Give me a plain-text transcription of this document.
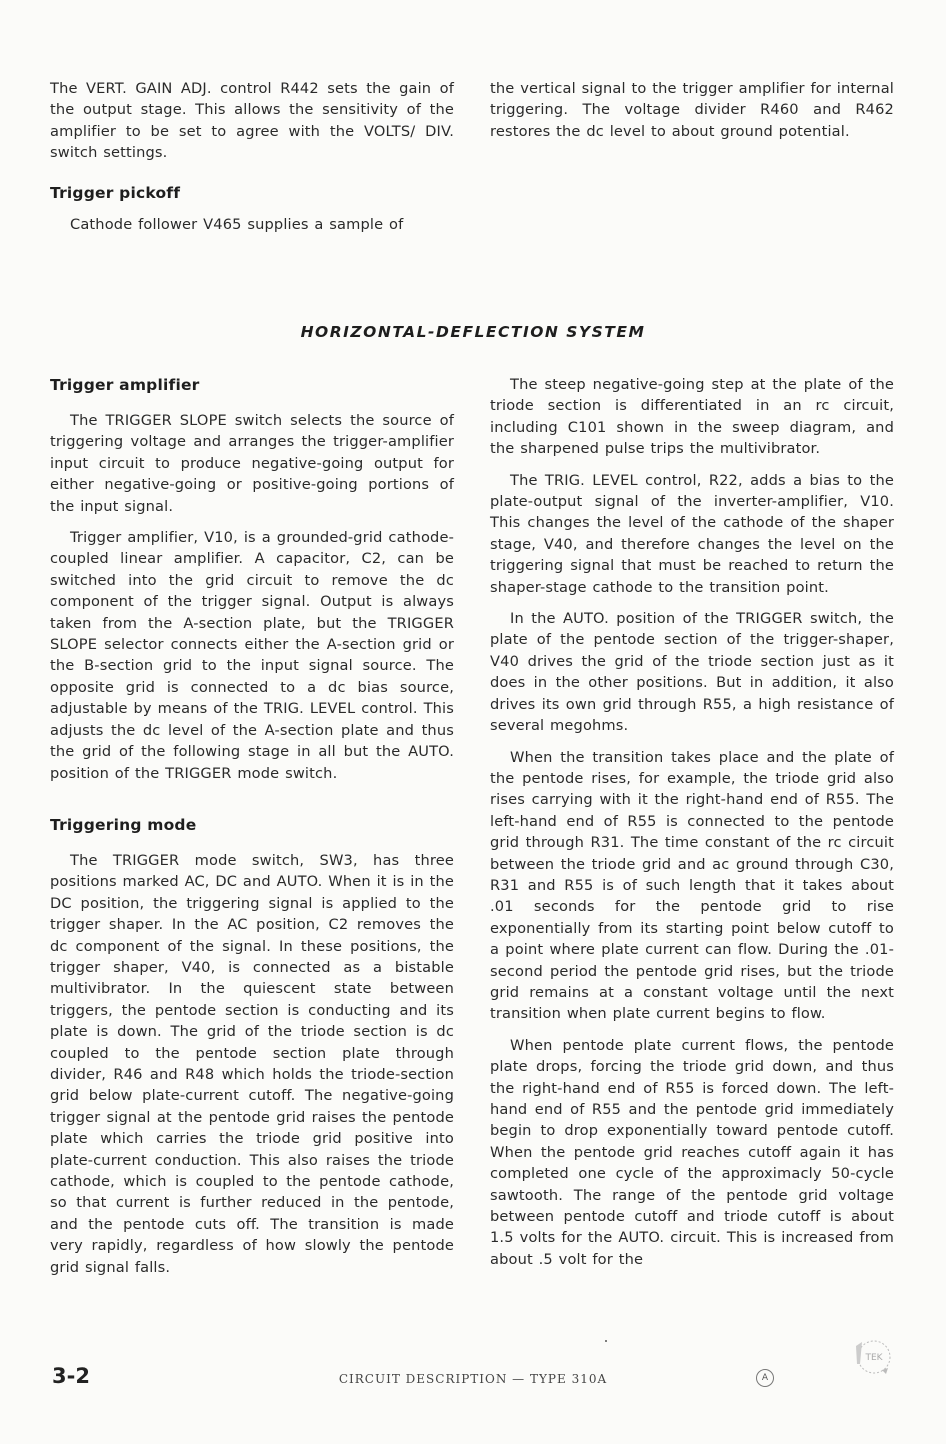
The VERT. GAIN ADJ. control R442 sets the gain of the output stage. This allows the sensitivity of the amplifier to be set to agree with the VOLTS/ DIV. switch settings.

Trigger pickoff

Cathode follower V465 supplies a sample of

the vertical signal to the trigger amplifier for internal triggering. The voltage divider R460 and R462 restores the dc level to about ground potential.

HORIZONTAL-DEFLECTION SYSTEM
Trigger amplifier

The TRIGGER SLOPE switch selects the source of triggering voltage and arranges the trigger-amplifier input circuit to produce negative-going output for either negative-going or positive-going portions of the input signal.

Trigger amplifier, V10, is a grounded-grid cathode-coupled linear amplifier. A capacitor, C2, can be switched into the grid circuit to remove the dc component of the trigger signal. Output is always taken from the A-section plate, but the TRIGGER SLOPE selector connects either the A-section grid or the B-section grid to the input signal source. The opposite grid is connected to a dc bias source, adjustable by means of the TRIG. LEVEL control. This adjusts the dc level of the A-section plate and thus the grid of the following stage in all but the AUTO. position of the TRIGGER mode switch.

Triggering mode

The TRIGGER mode switch, SW3, has three positions marked AC, DC and AUTO. When it is in the DC position, the triggering signal is applied to the trigger shaper. In the AC position, C2 removes the dc component of the signal. In these positions, the trigger shaper, V40, is connected as a bistable multivibrator. In the quiescent state between triggers, the pentode section is conducting and its plate is down. The grid of the triode section is dc coupled to the pentode section plate through divider, R46 and R48 which holds the triode-section grid below plate-current cutoff. The negative-going trigger signal at the pentode grid raises the pentode plate which carries the triode grid positive into plate-current conduction. This also raises the triode cathode, which is coupled to the pentode cathode, so that current is further reduced in the pentode, and the pentode cuts off. The transition is made very rapidly, regardless of how slowly the pentode grid signal falls.

The steep negative-going step at the plate of the triode section is differentiated in an rc circuit, including C101 shown in the sweep diagram, and the sharpened pulse trips the multivibrator.

The TRIG. LEVEL control, R22, adds a bias to the plate-output signal of the inverter-amplifier, V10. This changes the level of the cathode of the shaper stage, V40, and therefore changes the level on the triggering signal that must be reached to return the shaper-stage cathode to the transition point.

In the AUTO. position of the TRIGGER switch, the plate of the pentode section of the trigger-shaper, V40 drives the grid of the triode section just as it does in the other positions. But in addition, it also drives its own grid through R55, a high resistance of several megohms.

When the transition takes place and the plate of the pentode rises, for example, the triode grid also rises carrying with it the right-hand end of R55. The left-hand end of R55 is connected to the pentode grid through R31. The time constant of the rc circuit between the triode grid and ac ground through C30, R31 and R55 is of such length that it takes about .01 seconds for the pentode grid to rise exponentially from its starting point below cutoff to a point where plate current can flow. During the .01-second period the pentode grid rises, but the triode grid remains at a constant voltage until the next transition when plate current begins to flow.

When pentode plate current flows, the pentode plate drops, forcing the triode grid down, and thus the right-hand end of R55 is forced down. The left-hand end of R55 and the pentode grid immediately begin to drop exponentially toward pentode cutoff. When the pentode grid reaches cutoff again it has completed one cycle of the approximacly 50-cycle sawtooth. The range of the pentode grid voltage between pentode cutoff and triode cutoff is about 1.5 volts for the AUTO. circuit. This is increased from about .5 volt for the

3-2	CIRCUIT DESCRIPTION — TYPE 310A	A
TEK
